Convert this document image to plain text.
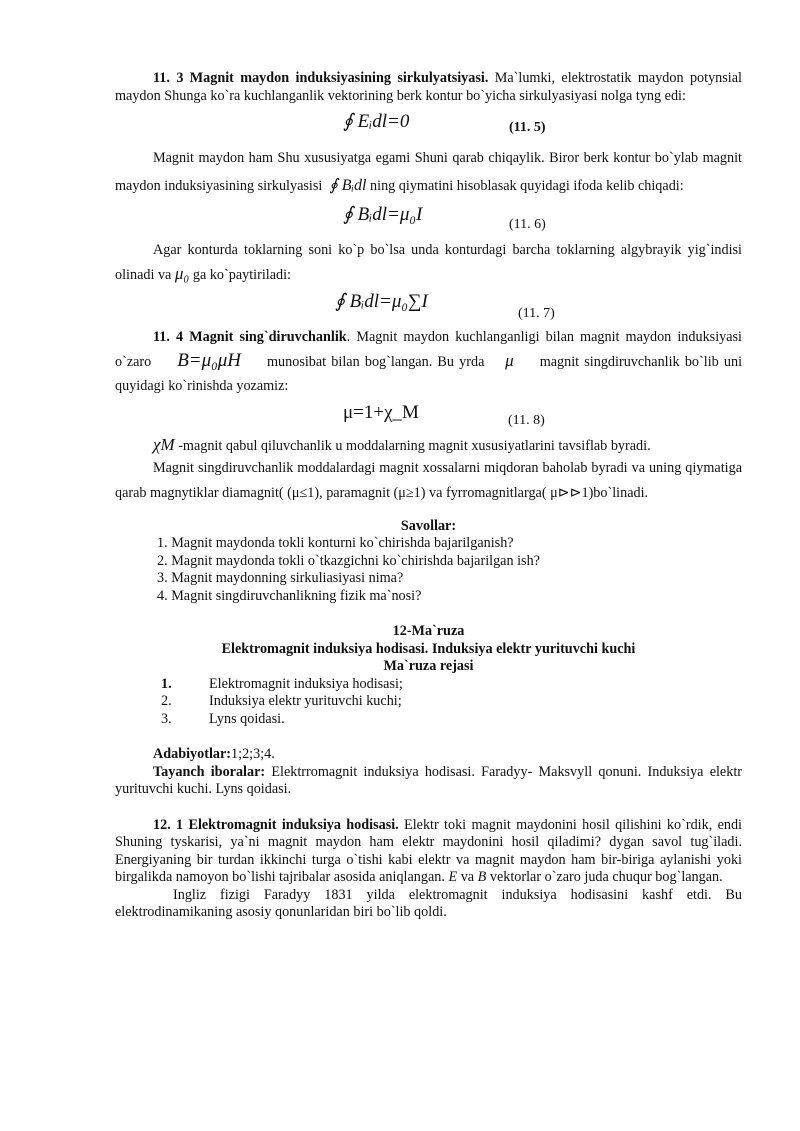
11. 3 Magnit maydon induksiyasining sirkulyatsiyasi. Ma`lumki, elektrostatik maydon potynsial maydon Shunga ko`ra kuchlanganlik vektorining berk kontur bo`yicha sirkulyasiyasi nolga tyng edi:

∮ Eᵢdl=0	(11. 5)

Magnit maydon ham Shu xususiyatga egami Shuni qarab chiqaylik. Biror berk kontur bo`ylab magnit maydon induksiyasining sirkulyasisi ∮ Bᵢdl ning qiymatini hisoblasak quyidagi ifoda kelib chiqadi:

∮ Bᵢdl=μ₀I	(11. 6)

Agar konturda toklarning soni ko`p bo`lsa unda konturdagi barcha toklarning algybrayik yig`indisi olinadi va μ₀ ga ko`paytiriladi:

∮ Bᵢdl=μ₀∑I
(11. 7)

11. 4 Magnit sing`diruvchanlik. Magnit maydon kuchlanganligi bilan magnit maydon induksiyasi o`zaro B=μ₀μH     munosibat bilan bog`langan. Bu yrda μ     magnit singdiruvchanlik bo`lib uni quyidagi ko`rinishda yozamiz:

μ=1+χ_M	(11. 8)

χM -magnit qabul qiluvchanlik u moddalarning magnit xususiyatlarini tavsiflab byradi.

Magnit singdiruvchanlik moddalardagi magnit xossalarni miqdoran baholab byradi va uning qiymatiga qarab magnytiklar diamagnit( (μ≤1), paramagnit (μ≥1) va fyrromagnitlarga( μ⊳⊳1)bo`linadi.

Savollar:
1. Magnit maydonda tokli konturni ko`chirishda bajarilganish?
2. Magnit maydonda tokli o`tkazgichni ko`chirishda bajarilgan ish?
3. Magnit maydonning sirkuliasiyasi nima?
4. Magnit singdiruvchanlikning fizik ma`nosi?
12-Ma`ruza
Elektromagnit induksiya hodisasi. Induksiya elektr yurituvchi kuchi
Ma`ruza rejasi
1.	Elektromagnit induksiya hodisasi;
2.	Induksiya elektr yurituvchi kuchi;
3.	Lyns qoidasi.

Adabiyotlar:1;2;3;4.

Tayanch iboralar: Elektrromagnit induksiya hodisasi. Faradyy- Maksvyll qonuni. Induksiya elektr yurituvchi kuchi. Lyns qoidasi.

12. 1 Elektromagnit induksiya hodisasi. Elektr toki magnit maydonini hosil qilishini ko`rdik, endi Shuning tyskarisi, ya`ni magnit maydon ham elektr maydonini hosil qiladimi? dygan savol tug`iladi. Energiyaning bir turdan ikkinchi turga o`tishi kabi elektr va magnit maydon ham bir-biriga aylanishi yoki birgalikda namoyon bo`lishi tajribalar asosida aniqlangan. E va B vektorlar o`zaro juda chuqur bog`langan.

Ingliz fizigi Faradyy 1831 yilda elektromagnit induksiya hodisasini kashf etdi. Bu elektrodinamikaning asosiy qonunlaridan biri bo`lib qoldi.
